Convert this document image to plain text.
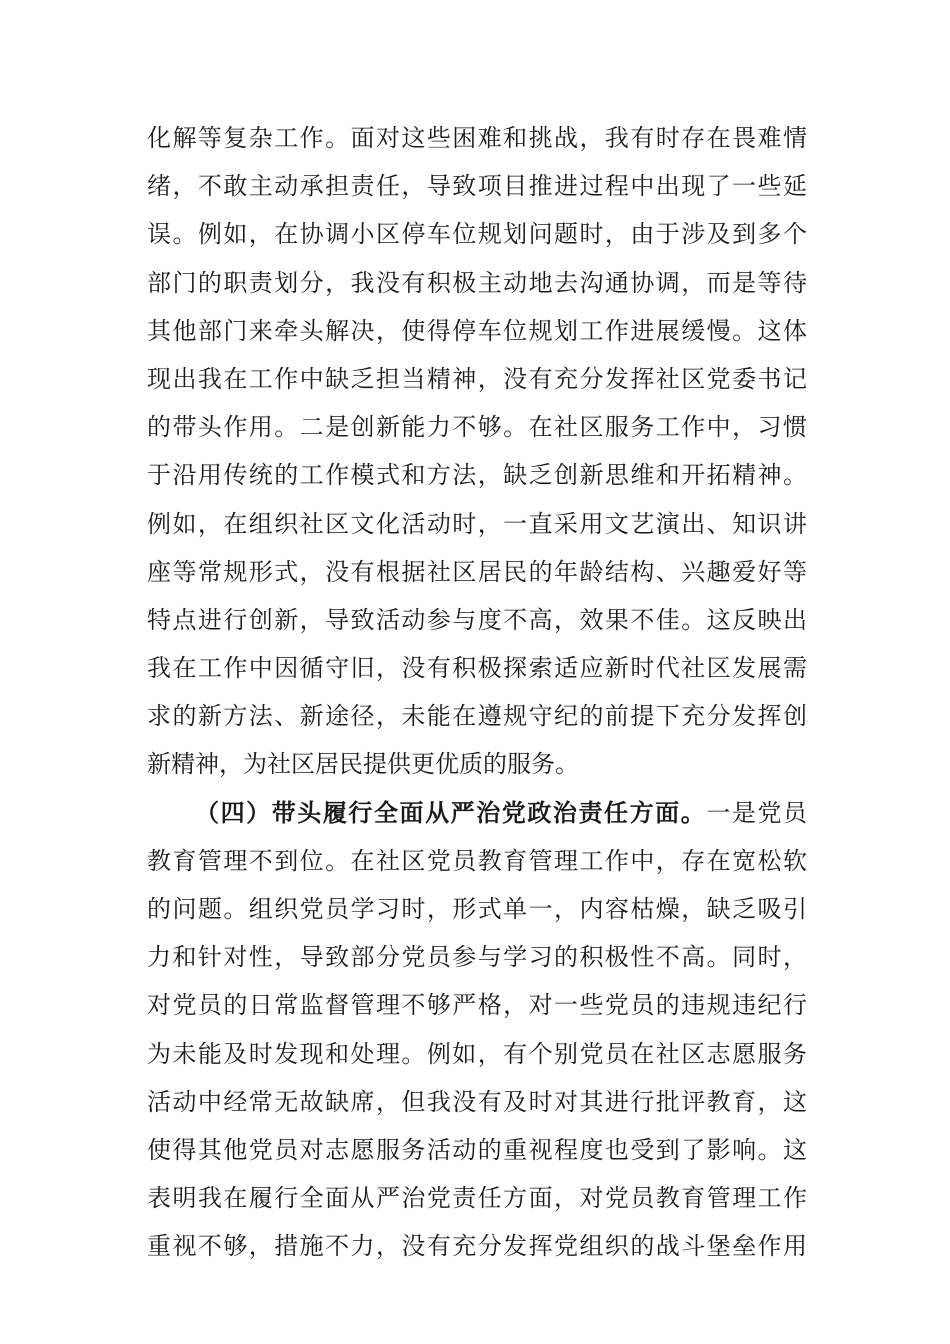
化解等复杂工作。面对这些困难和挑战，我有时存在畏难情
绪，不敢主动承担责任，导致项目推进过程中出现了一些延
误。例如，在协调小区停车位规划问题时，由于涉及到多个
部门的职责划分，我没有积极主动地去沟通协调，而是等待
其他部门来牵头解决，使得停车位规划工作进展缓慢。这体
现出我在工作中缺乏担当精神，没有充分发挥社区党委书记
的带头作用。二是创新能力不够。在社区服务工作中，习惯
于沿用传统的工作模式和方法，缺乏创新思维和开拓精神。
例如，在组织社区文化活动时，一直采用文艺演出、知识讲
座等常规形式，没有根据社区居民的年龄结构、兴趣爱好等
特点进行创新，导致活动参与度不高，效果不佳。这反映出
我在工作中因循守旧，没有积极探索适应新时代社区发展需
求的新方法、新途径，未能在遵规守纪的前提下充分发挥创
新精神，为社区居民提供更优质的服务。
（四）带头履行全面从严治党政治责任方面。一是党员
教育管理不到位。在社区党员教育管理工作中，存在宽松软
的问题。组织党员学习时，形式单一，内容枯燥，缺乏吸引
力和针对性，导致部分党员参与学习的积极性不高。同时，
对党员的日常监督管理不够严格，对一些党员的违规违纪行
为未能及时发现和处理。例如，有个别党员在社区志愿服务
活动中经常无故缺席，但我没有及时对其进行批评教育，这
使得其他党员对志愿服务活动的重视程度也受到了影响。这
表明我在履行全面从严治党责任方面，对党员教育管理工作
重视不够，措施不力，没有充分发挥党组织的战斗堡垒作用
